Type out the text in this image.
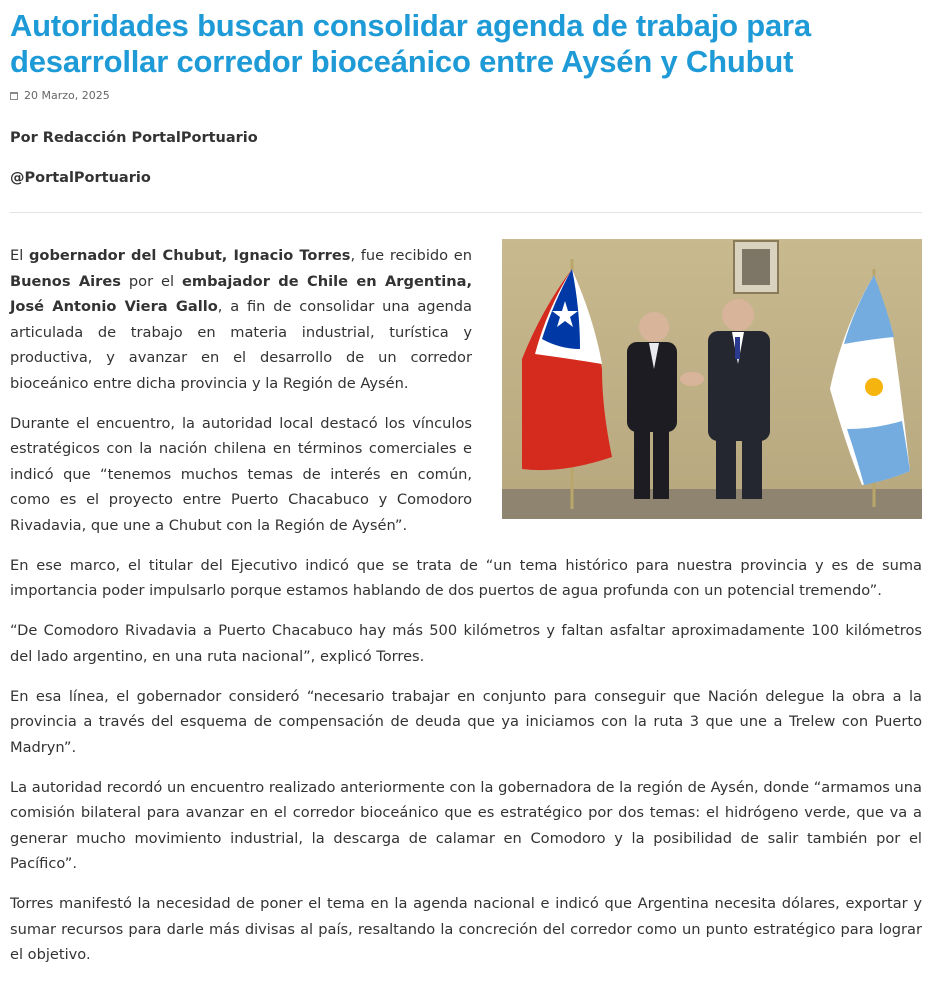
Autoridades buscan consolidar agenda de trabajo para desarrollar corredor bioceánico entre Aysén y Chubut
20 Marzo, 2025
Por Redacción PortalPortuario
@PortalPortuario

El gobernador del Chubut, Ignacio Torres, fue recibido en Buenos Aires por el embajador de Chile en Argentina, José Antonio Viera Gallo, a fin de consolidar una agenda articulada de trabajo en materia industrial, turística y productiva, y avanzar en el desarrollo de un corredor bioceánico entre dicha provincia y la Región de Aysén.

Durante el encuentro, la autoridad local destacó los vínculos estratégicos con la nación chilena en términos comerciales e indicó que “tenemos muchos temas de interés en común, como es el proyecto entre Puerto Chacabuco y Comodoro Rivadavia, que une a Chubut con la Región de Aysén”.

En ese marco, el titular del Ejecutivo indicó que se trata de “un tema histórico para nuestra provincia y es de suma importancia poder impulsarlo porque estamos hablando de dos puertos de agua profunda con un potencial tremendo”.

“De Comodoro Rivadavia a Puerto Chacabuco hay más 500 kilómetros y faltan asfaltar aproximadamente 100 kilómetros del lado argentino, en una ruta nacional”, explicó Torres.

En esa línea, el gobernador consideró “necesario trabajar en conjunto para conseguir que Nación delegue la obra a la provincia a través del esquema de compensación de deuda que ya iniciamos con la ruta 3 que une a Trelew con Puerto Madryn”.

La autoridad recordó un encuentro realizado anteriormente con la gobernadora de la región de Aysén, donde “armamos una comisión bilateral para avanzar en el corredor bioceánico que es estratégico por dos temas: el hidrógeno verde, que va a generar mucho movimiento industrial, la descarga de calamar en Comodoro y la posibilidad de salir también por el Pacífico”.

Torres manifestó la necesidad de poner el tema en la agenda nacional e indicó que Argentina necesita dólares, exportar y sumar recursos para darle más divisas al país, resaltando la concreción del corredor como un punto estratégico para lograr el objetivo.
